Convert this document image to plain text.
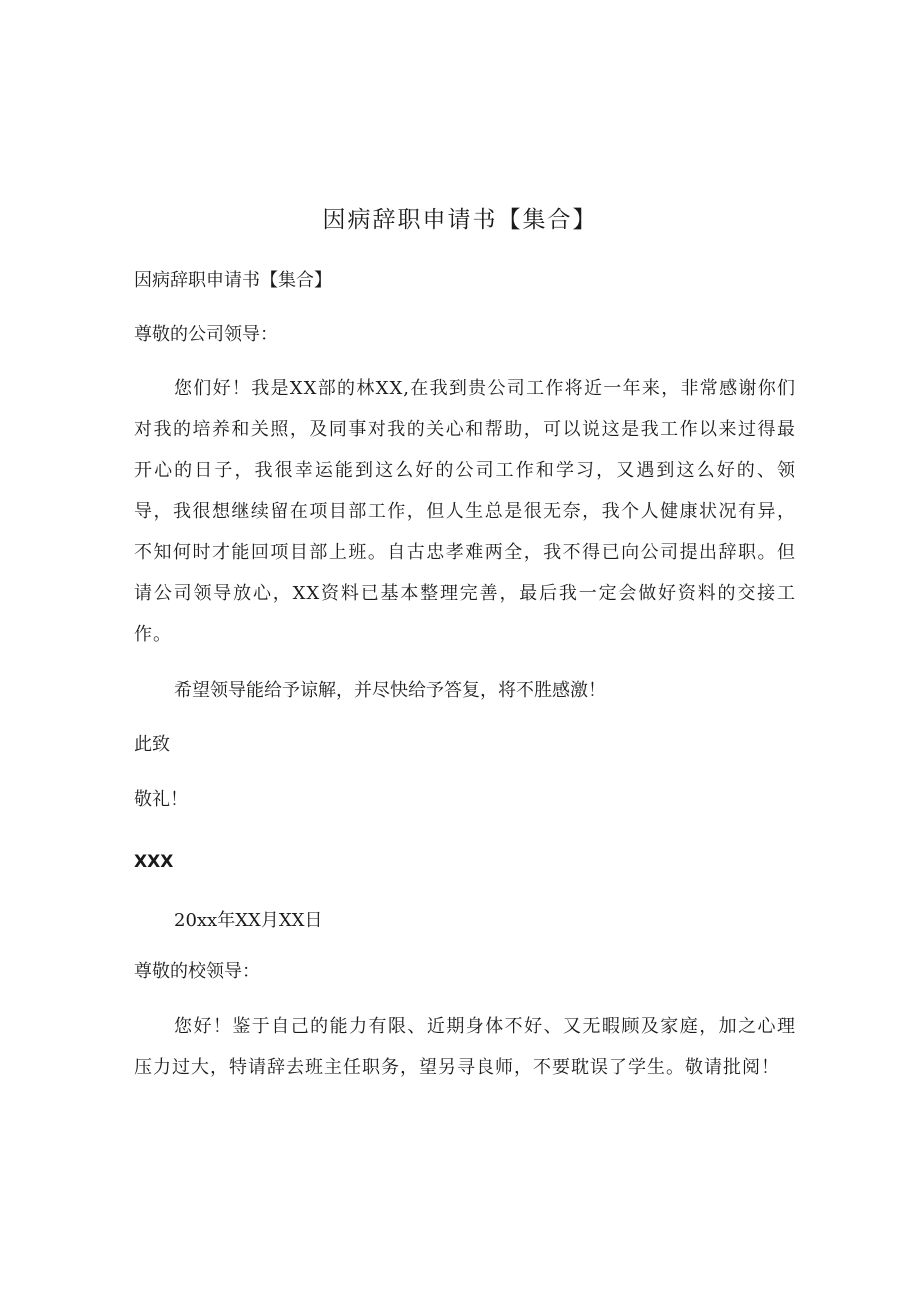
因病辞职申请书【集合】
因病辞职申请书【集合】
尊敬的公司领导：
您们好！我是XX部的林XX,在我到贵公司工作将近一年来，非常感谢你们对我的培养和关照，及同事对我的关心和帮助，可以说这是我工作以来过得最开心的日子，我很幸运能到这么好的公司工作和学习，又遇到这么好的、领导，我很想继续留在项目部工作，但人生总是很无奈，我个人健康状况有异，不知何时才能回项目部上班。自古忠孝难两全，我不得已向公司提出辞职。但请公司领导放心，XX资料已基本整理完善，最后我一定会做好资料的交接工作。
希望领导能给予谅解，并尽快给予答复，将不胜感激！
此致
敬礼！
XXX
20xx年XX月XX日
尊敬的校领导：
您好！鉴于自己的能力有限、近期身体不好、又无暇顾及家庭，加之心理压力过大，特请辞去班主任职务，望另寻良师，不要耽误了学生。敬请批阅！
